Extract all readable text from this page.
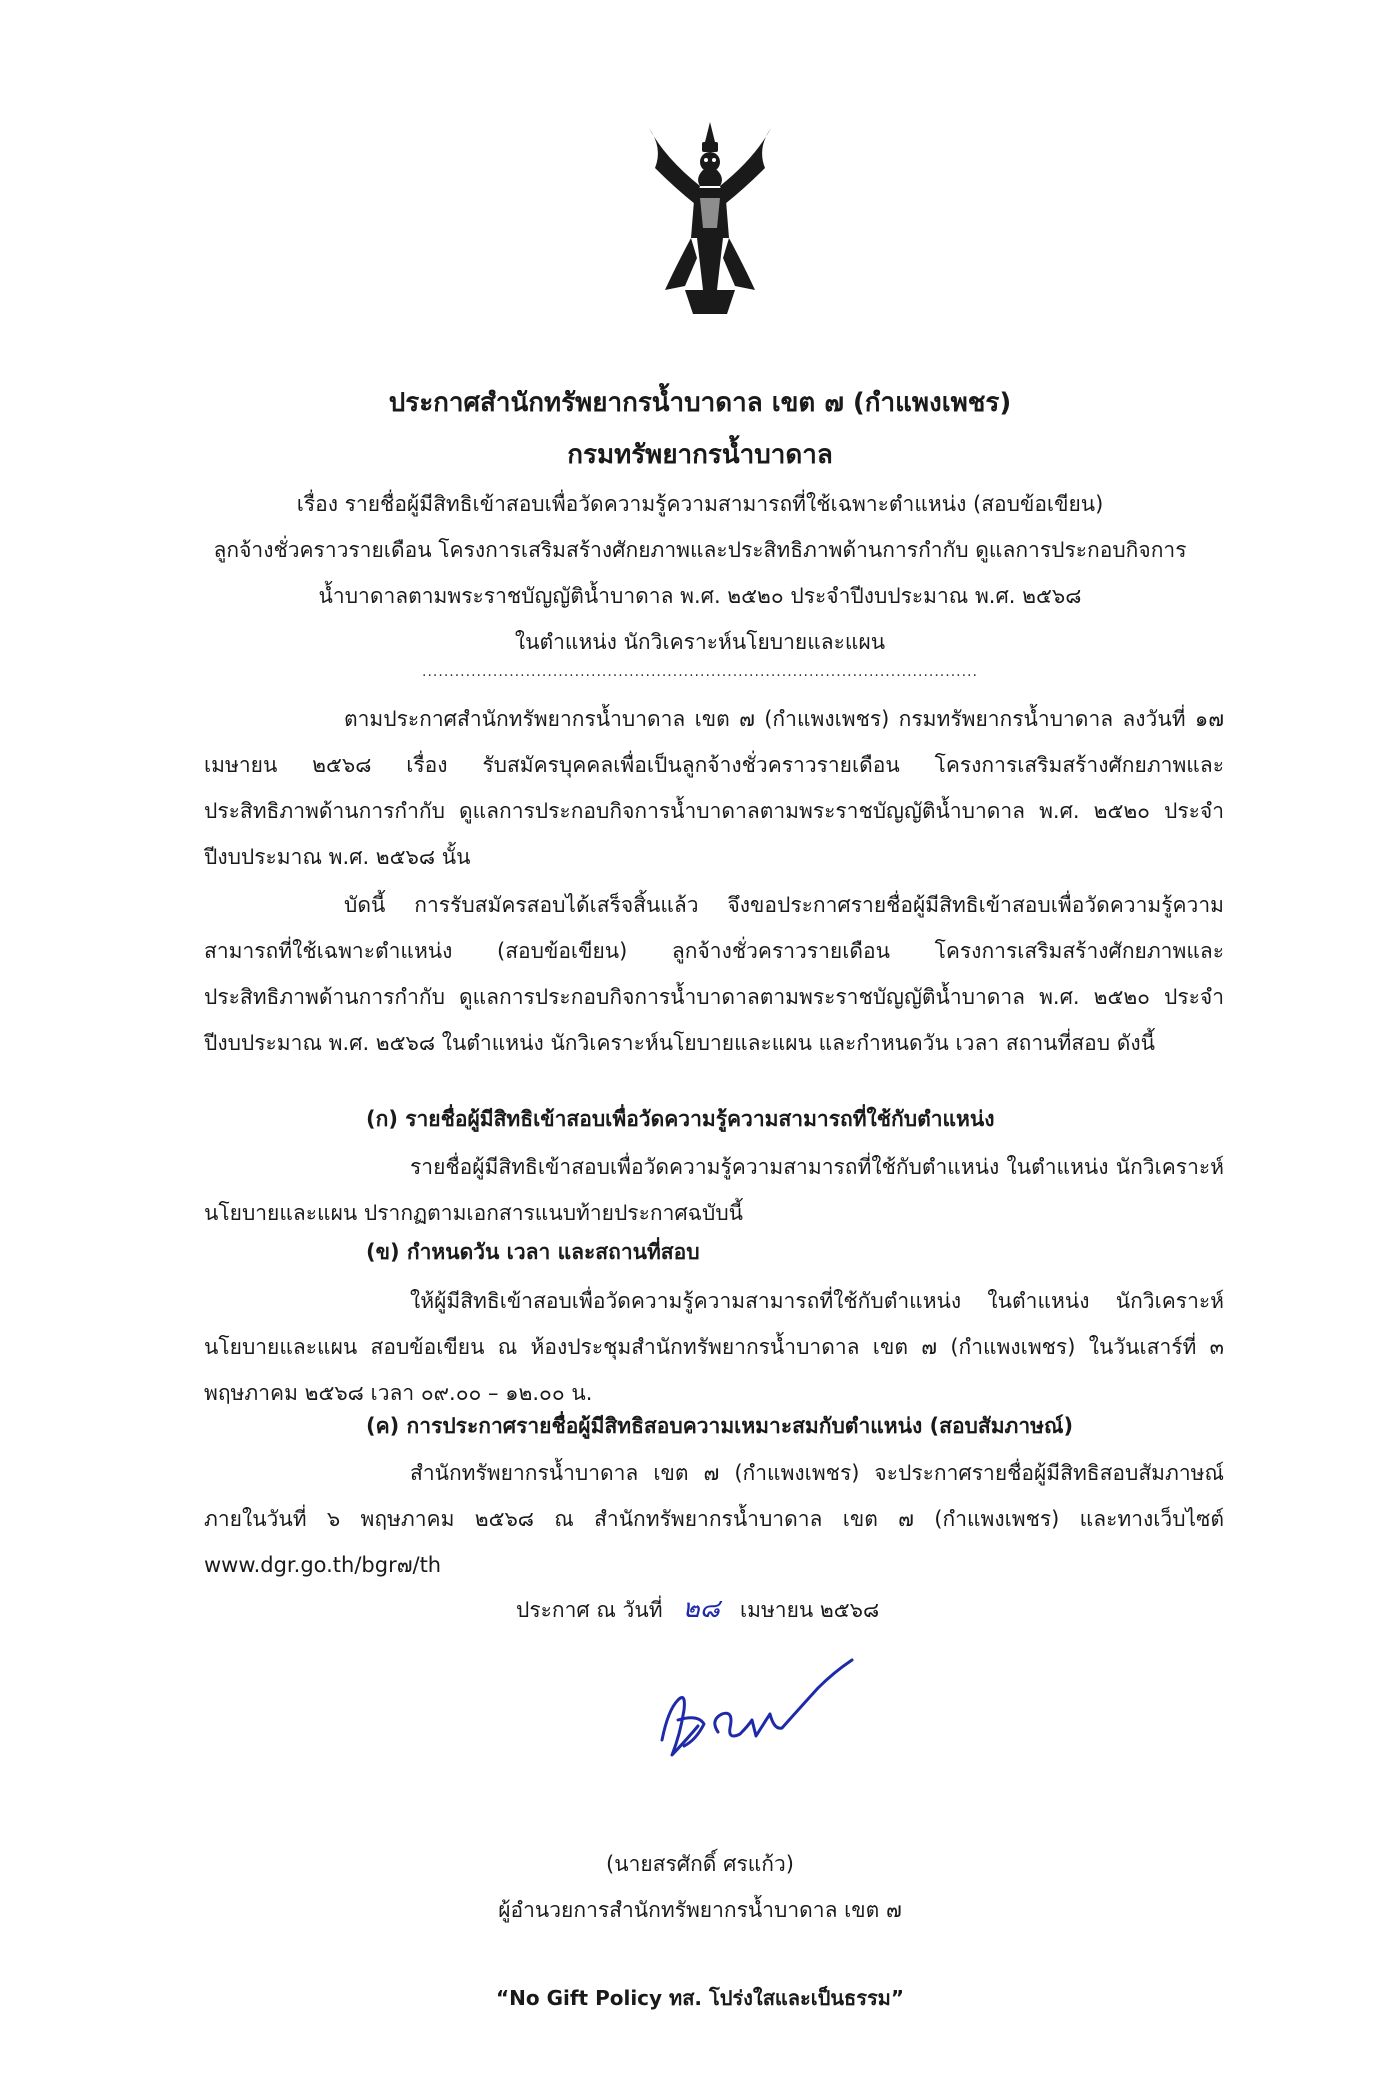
ประกาศสำนักทรัพยากรน้ำบาดาล เขต ๗ (กำแพงเพชร)
กรมทรัพยากรน้ำบาดาล
เรื่อง รายชื่อผู้มีสิทธิเข้าสอบเพื่อวัดความรู้ความสามารถที่ใช้เฉพาะตำแหน่ง (สอบข้อเขียน)
ลูกจ้างชั่วคราวรายเดือน โครงการเสริมสร้างศักยภาพและประสิทธิภาพด้านการกำกับ ดูแลการประกอบกิจการ
น้ำบาดาลตามพระราชบัญญัติน้ำบาดาล พ.ศ. ๒๕๒๐ ประจำปีงบประมาณ พ.ศ. ๒๕๖๘
ในตำแหน่ง นักวิเคราะห์นโยบายและแผน
......................................................................................................
ตามประกาศสำนักทรัพยากรน้ำบาดาล เขต ๗ (กำแพงเพชร) กรมทรัพยากรน้ำบาดาล ลงวันที่ ๑๗ เมษายน ๒๕๖๘ เรื่อง รับสมัครบุคคลเพื่อเป็นลูกจ้างชั่วคราวรายเดือน โครงการเสริมสร้างศักยภาพและประสิทธิภาพด้านการกำกับ ดูแลการประกอบกิจการน้ำบาดาลตามพระราชบัญญัติน้ำบาดาล พ.ศ. ๒๕๒๐ ประจำปีงบประมาณ พ.ศ. ๒๕๖๘ นั้น
บัดนี้ การรับสมัครสอบได้เสร็จสิ้นแล้ว จึงขอประกาศรายชื่อผู้มีสิทธิเข้าสอบเพื่อวัดความรู้ความสามารถที่ใช้เฉพาะตำแหน่ง (สอบข้อเขียน) ลูกจ้างชั่วคราวรายเดือน โครงการเสริมสร้างศักยภาพและประสิทธิภาพด้านการกำกับ ดูแลการประกอบกิจการน้ำบาดาลตามพระราชบัญญัติน้ำบาดาล พ.ศ. ๒๕๒๐ ประจำปีงบประมาณ พ.ศ. ๒๕๖๘ ในตำแหน่ง นักวิเคราะห์นโยบายและแผน และกำหนดวัน เวลา สถานที่สอบ ดังนี้
(ก) รายชื่อผู้มีสิทธิเข้าสอบเพื่อวัดความรู้ความสามารถที่ใช้กับตำแหน่ง
รายชื่อผู้มีสิทธิเข้าสอบเพื่อวัดความรู้ความสามารถที่ใช้กับตำแหน่ง ในตำแหน่ง นักวิเคราะห์นโยบายและแผน ปรากฏตามเอกสารแนบท้ายประกาศฉบับนี้
(ข) กำหนดวัน เวลา และสถานที่สอบ
ให้ผู้มีสิทธิเข้าสอบเพื่อวัดความรู้ความสามารถที่ใช้กับตำแหน่ง ในตำแหน่ง นักวิเคราะห์นโยบายและแผน สอบข้อเขียน ณ ห้องประชุมสำนักทรัพยากรน้ำบาดาล เขต ๗ (กำแพงเพชร) ในวันเสาร์ที่ ๓ พฤษภาคม ๒๕๖๘ เวลา ๐๙.๐๐ – ๑๒.๐๐ น.
(ค) การประกาศรายชื่อผู้มีสิทธิสอบความเหมาะสมกับตำแหน่ง (สอบสัมภาษณ์)
สำนักทรัพยากรน้ำบาดาล เขต ๗ (กำแพงเพชร) จะประกาศรายชื่อผู้มีสิทธิสอบสัมภาษณ์ ภายในวันที่ ๖ พฤษภาคม ๒๕๖๘ ณ สำนักทรัพยากรน้ำบาดาล เขต ๗ (กำแพงเพชร) และทางเว็บไซต์ www.dgr.go.th/bgr๗/th
ประกาศ ณ วันที่ ๒๘ เมษายน ๒๕๖๘
(นายสรศักดิ์ ศรแก้ว)
ผู้อำนวยการสำนักทรัพยากรน้ำบาดาล เขต ๗
“No Gift Policy ทส. โปร่งใสและเป็นธรรม”
